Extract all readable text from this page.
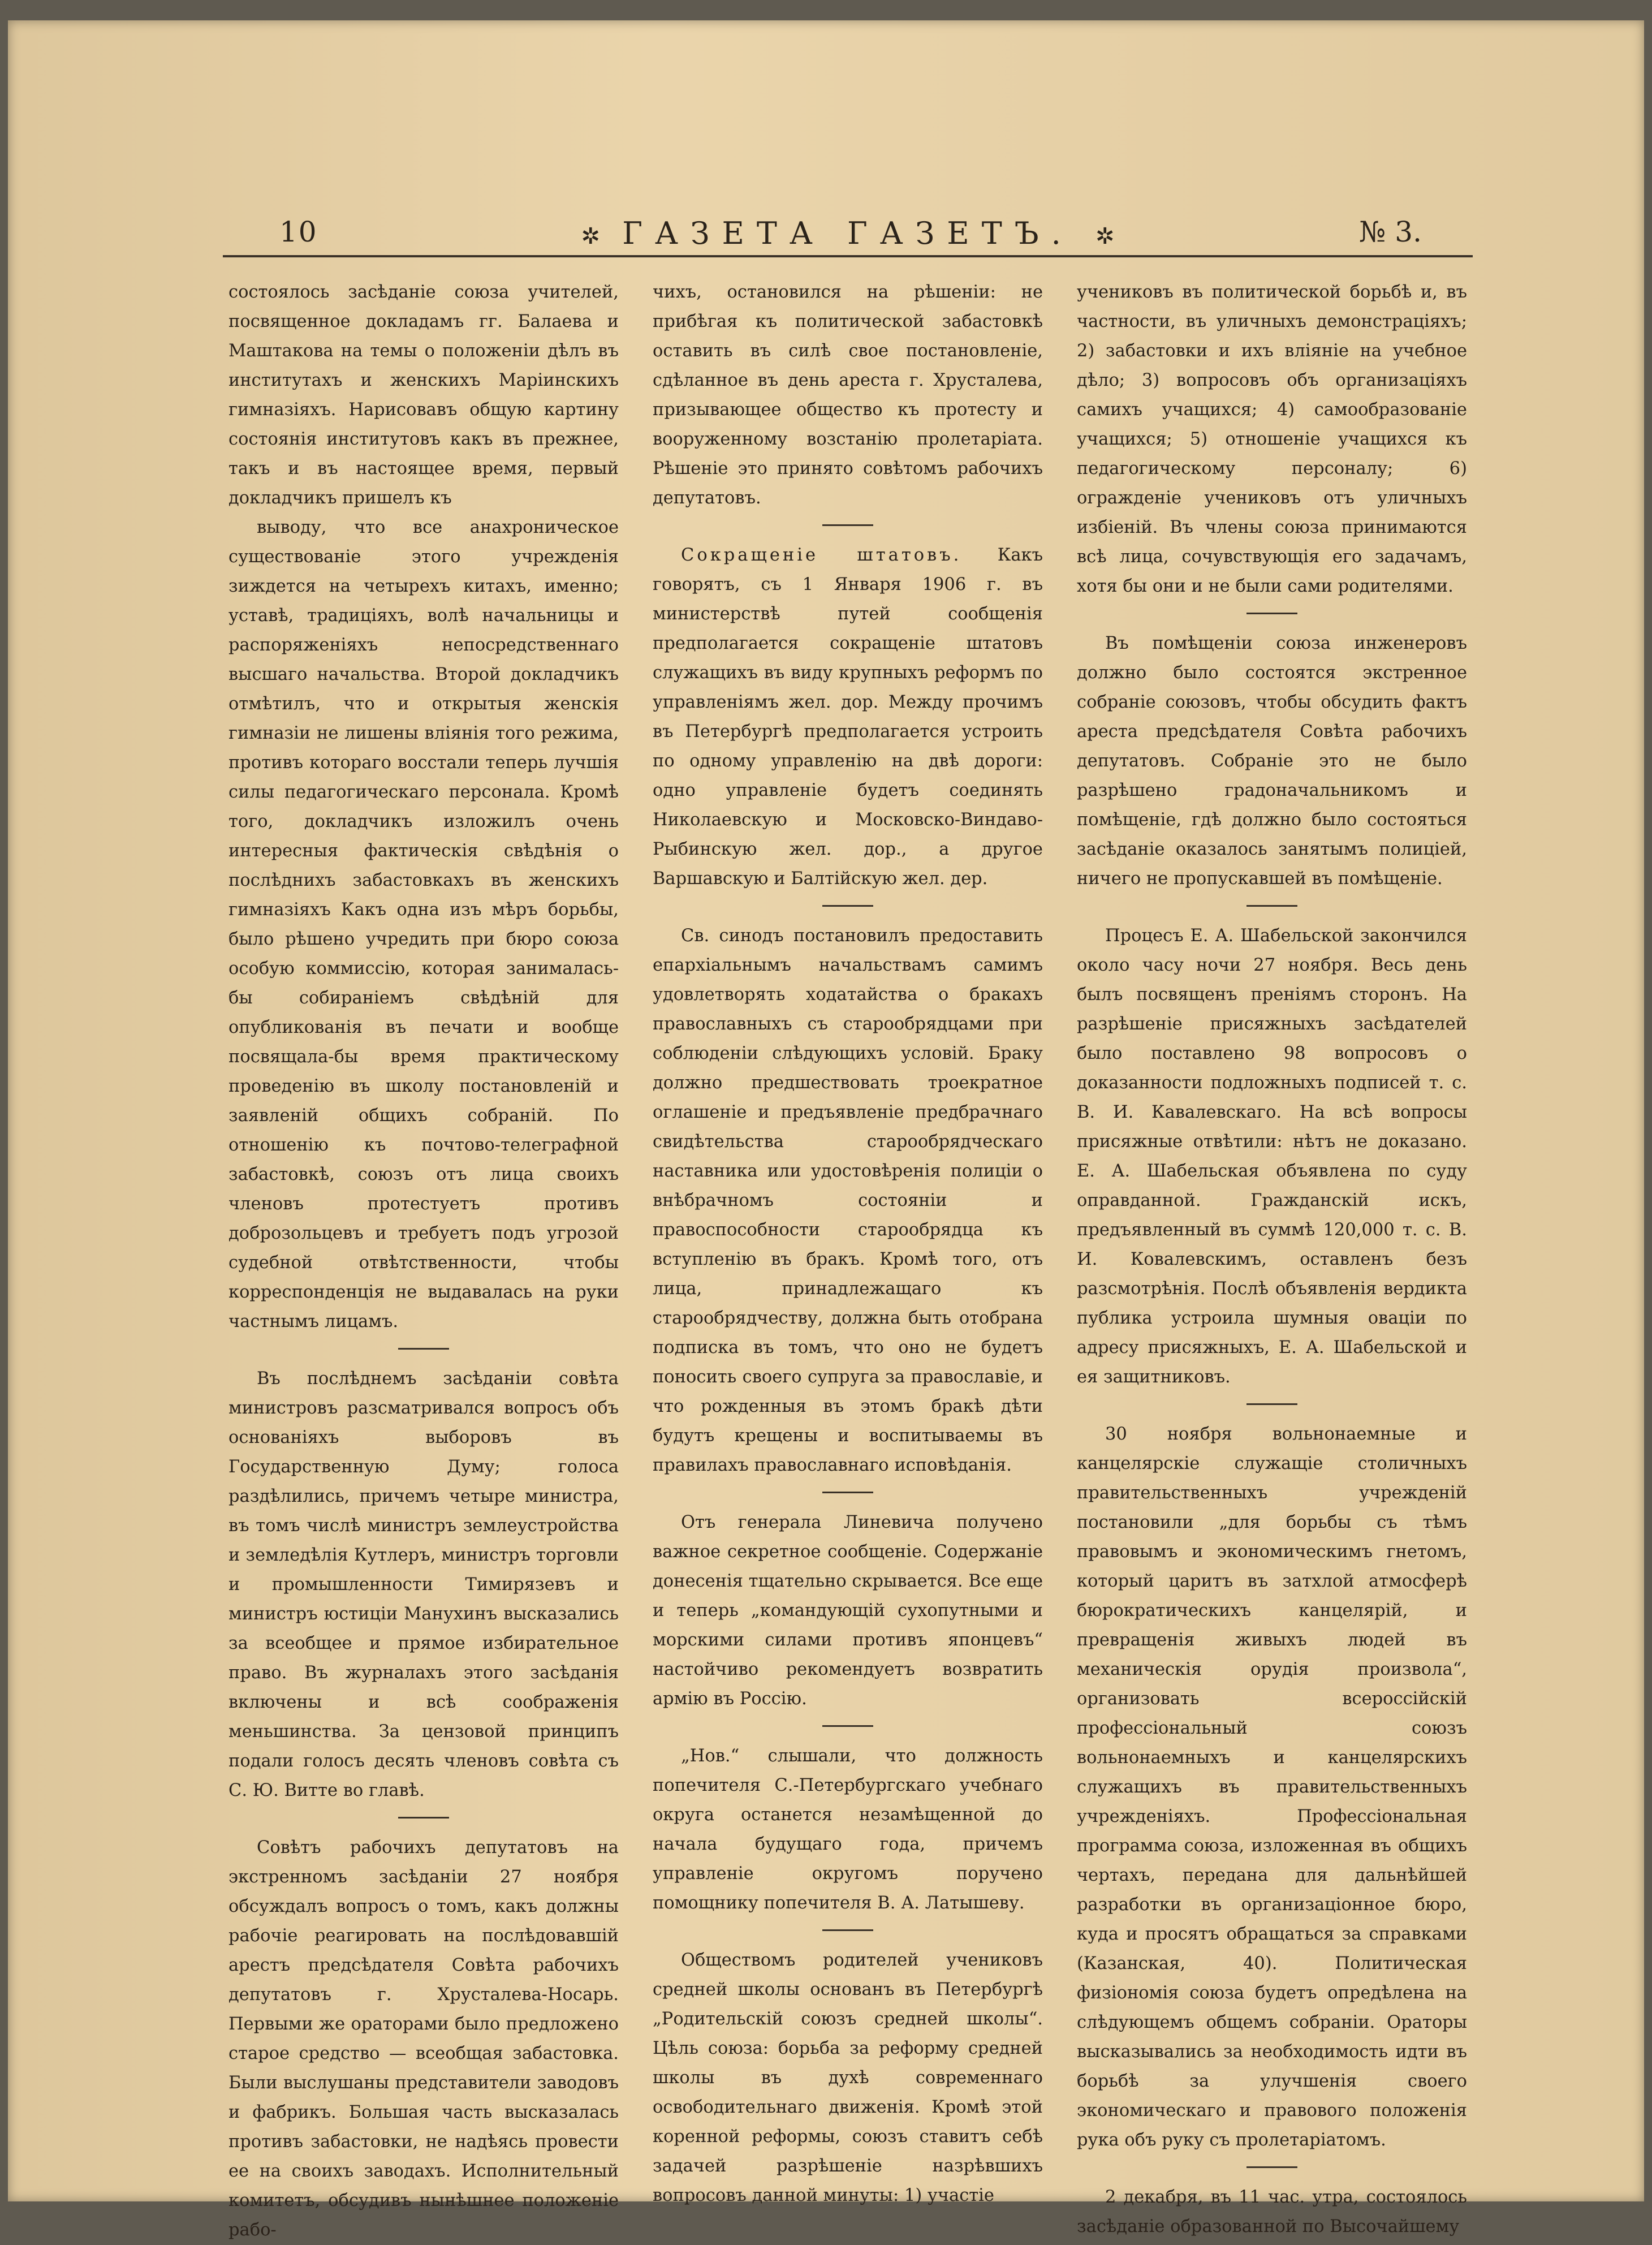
10	✲ ГАЗЕТА ГАЗЕТЪ. ✲	№ 3.

состоялось засѣданіе союза учителей, посвященное докладамъ гг. Балаева и Маштакова на темы о положеніи дѣлъ въ институтахъ и женскихъ Маріинскихъ гимназіяхъ. Нарисовавъ общую картину состоянія институтовъ какъ въ прежнее, такъ и въ настоящее время, первый докладчикъ пришелъ къ

выводу, что все анахроническое существованіе этого учрежденія зиждется на четырехъ китахъ, именно; уставѣ, традиціяхъ, волѣ начальницы и распоряженіяхъ непосредственнаго высшаго начальства. Второй докладчикъ отмѣтилъ, что и открытыя женскія гимназіи не лишены вліянія того режима, противъ котораго восстали теперь лучшія силы педагогическаго персонала. Кромѣ того, докладчикъ изложилъ очень интересныя фактическія свѣдѣнія о послѣднихъ забастовкахъ въ женскихъ гимназіяхъ Какъ одна изъ мѣръ борьбы, было рѣшено учредить при бюро союза особую коммиссію, которая занималась-бы собираніемъ свѣдѣній для опубликованія въ печати и вообще посвящала-бы время практическому проведенію въ школу постановленій и заявленій общихъ собраній. По отношенію къ почтово-телеграфной забастовкѣ, союзъ отъ лица своихъ членовъ протестуетъ противъ доброзольцевъ и требуетъ подъ угрозой судебной отвѣтственности, чтобы корреспонденція не выдавалась на руки частнымъ лицамъ.

Въ послѣднемъ засѣданіи совѣта министровъ разсматривался вопросъ объ основаніяхъ выборовъ въ Государственную Думу; голоса раздѣлились, причемъ четыре министра, въ томъ числѣ министръ землеустройства и земледѣлія Кутлеръ, министръ торговли и промышленности Тимирязевъ и министръ юстиціи Манухинъ высказались за всеобщее и прямое избирательное право. Въ журналахъ этого засѣданія включены и всѣ соображенія меньшинства. За цензовой принципъ подали голосъ десять членовъ совѣта съ С. Ю. Витте во главѣ.

Совѣтъ рабочихъ депутатовъ на экстренномъ засѣданіи 27 ноября обсуждалъ вопросъ о томъ, какъ должны рабочіе реагировать на послѣдовавшій арестъ предсѣдателя Совѣта рабочихъ депутатовъ г. Хрусталева-Носарь. Первыми же ораторами было предложено старое средство — всеобщая забастовка. Были выслушаны представители заводовъ и фабрикъ. Большая часть высказалась противъ забастовки, не надѣясь провести ее на своихъ заводахъ. Исполнительный комитетъ, обсудивъ нынѣшнее положеніе рабо-

чихъ, остановился на рѣшеніи: не прибѣгая къ политической забастовкѣ оставить въ силѣ свое постановленіе, сдѣланное въ день ареста г. Хрусталева, призывающее общество къ протесту и вооруженному возстанію пролетаріата. Рѣшеніе это принято совѣтомъ рабочихъ депутатовъ.

Сокращеніе штатовъ. Какъ говорятъ, съ 1 Января 1906 г. въ министерствѣ путей сообщенія предполагается сокращеніе штатовъ служащихъ въ виду крупныхъ реформъ по управленіямъ жел. дор. Между прочимъ въ Петербургѣ предполагается устроить по одному управленію на двѣ дороги: одно управленіе будетъ соединять Николаевскую и Московско-Виндаво-Рыбинскую жел. дор., а другое Варшавскую и Балтійскую жел. дер.

Св. синодъ постановилъ предоставить епархіальнымъ начальствамъ самимъ удовлетворять ходатайства о бракахъ православныхъ съ старообрядцами при соблюденіи слѣдующихъ условій. Браку должно предшествовать троекратное оглашеніе и предъявленіе предбрачнаго свидѣтельства старообрядческаго наставника или удостовѣренія полиціи о внѣбрачномъ состояніи и правоспособности старообрядца къ вступленію въ бракъ. Кромѣ того, отъ лица, принадлежащаго къ старообрядчеству, должна быть отобрана подписка въ томъ, что оно не будетъ поносить своего супруга за православіе, и что рожденныя въ этомъ бракѣ дѣти будутъ крещены и воспитываемы въ правилахъ православнаго исповѣданія.

Отъ генерала Линевича получено важное секретное сообщеніе. Содержаніе донесенія тщательно скрывается. Все еще и теперь „командующій сухопутными и морскими силами противъ японцевъ“ настойчиво рекомендуетъ возвратить армію въ Россію.

„Нов.“ слышали, что должность попечителя С.-Петербургскаго учебнаго округа останется незамѣщенной до начала будущаго года, причемъ управленіе округомъ поручено помощнику попечителя В. А. Латышеву.

Обществомъ родителей учениковъ средней школы основанъ въ Петербургѣ „Родительскій союзъ средней школы“. Цѣль союза: борьба за реформу средней школы въ духѣ современнаго освободительнаго движенія. Кромѣ этой коренной реформы, союзъ ставитъ себѣ задачей разрѣшеніе назрѣвшихъ вопросовъ данной минуты: 1) участіе

учениковъ въ политической борьбѣ и, въ частности, въ уличныхъ демонстраціяхъ; 2) забастовки и ихъ вліяніе на учебное дѣло; 3) вопросовъ объ организаціяхъ самихъ учащихся; 4) самообразованіе учащихся; 5) отношеніе учащихся къ педагогическому персоналу; 6) огражденіе учениковъ отъ уличныхъ избіеній. Въ члены союза принимаются всѣ лица, сочувствующія его задачамъ, хотя бы они и не были сами родителями.

Въ помѣщеніи союза инженеровъ должно было состоятся экстренное собраніе союзовъ, чтобы обсудить фактъ ареста предсѣдателя Совѣта рабочихъ депутатовъ. Собраніе это не было разрѣшено градоначальникомъ и помѣщеніе, гдѣ должно было состояться засѣданіе оказалось занятымъ полиціей, ничего не пропускавшей въ помѣщеніе.

Процесъ Е. А. Шабельской закончился около часу ночи 27 ноября. Весь день былъ посвященъ преніямъ сторонъ. На разрѣшеніе присяжныхъ засѣдателей было поставлено 98 вопросовъ о доказанности подложныхъ подписей т. с. В. И. Кавалевскаго. На всѣ вопросы присяжные отвѣтили: нѣтъ не доказано. Е. А. Шабельская объявлена по суду оправданной. Гражданскій искъ, предъявленный въ суммѣ 120,000 т. с. В. И. Ковалевскимъ, оставленъ безъ разсмотрѣнія. Послѣ объявленія вердикта публика устроила шумныя оваціи по адресу присяжныхъ, Е. А. Шабельской и ея защитниковъ.

30 ноября вольнонаемные и канцелярскіе служащіе столичныхъ правительственныхъ учрежденій постановили „для борьбы съ тѣмъ правовымъ и экономическимъ гнетомъ, который царитъ въ затхлой атмосферѣ бюрократическихъ канцелярій, и превращенія живыхъ людей въ механическія орудія произвола“, организовать всероссійскій профессіональный союзъ вольнонаемныхъ и канцелярскихъ служащихъ въ правительственныхъ учрежденіяхъ. Профессіональная программа союза, изложенная въ общихъ чертахъ, передана для дальнѣйшей разработки въ организаціонное бюро, куда и просятъ обращаться за справками (Казанская, 40). Политическая физіономія союза будетъ опредѣлена на слѣдующемъ общемъ собраніи. Ораторы высказывались за необходимость идти въ борьбѣ за улучшенія своего экономическаго и правового положенія рука объ руку съ пролетаріатомъ.

2 декабря, въ 11 час. утра, состоялось засѣданіе образованной по Высочайшему
